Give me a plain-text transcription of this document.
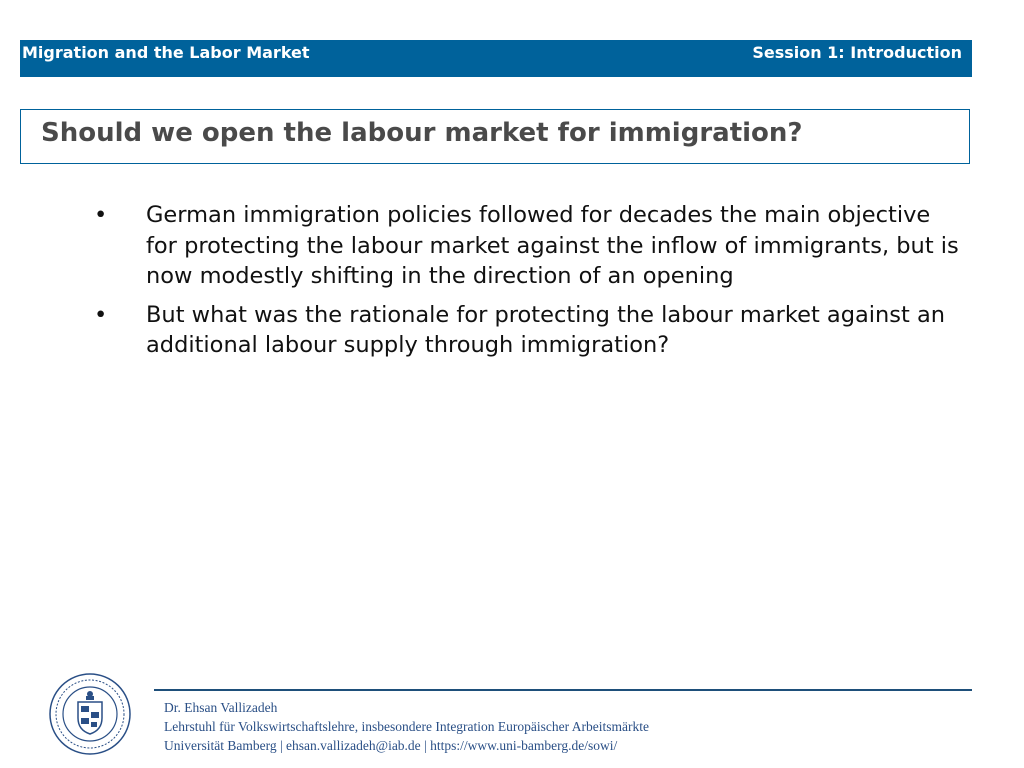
Migration and the Labor Market	Session 1: Introduction
Should we open the labour market for immigration?
• German immigration policies followed for decades the main objective for protecting the labour market against the inflow of immigrants, but is now modestly shifting in the direction of an opening
• But what was the rationale for protecting the labour market against an additional labour supply through immigration?
Dr. Ehsan Vallizadeh
Lehrstuhl für Volkswirtschaftslehre, insbesondere Integration Europäischer Arbeitsmärkte
Universität Bamberg | ehsan.vallizadeh@iab.de | https://www.uni-bamberg.de/sowi/
